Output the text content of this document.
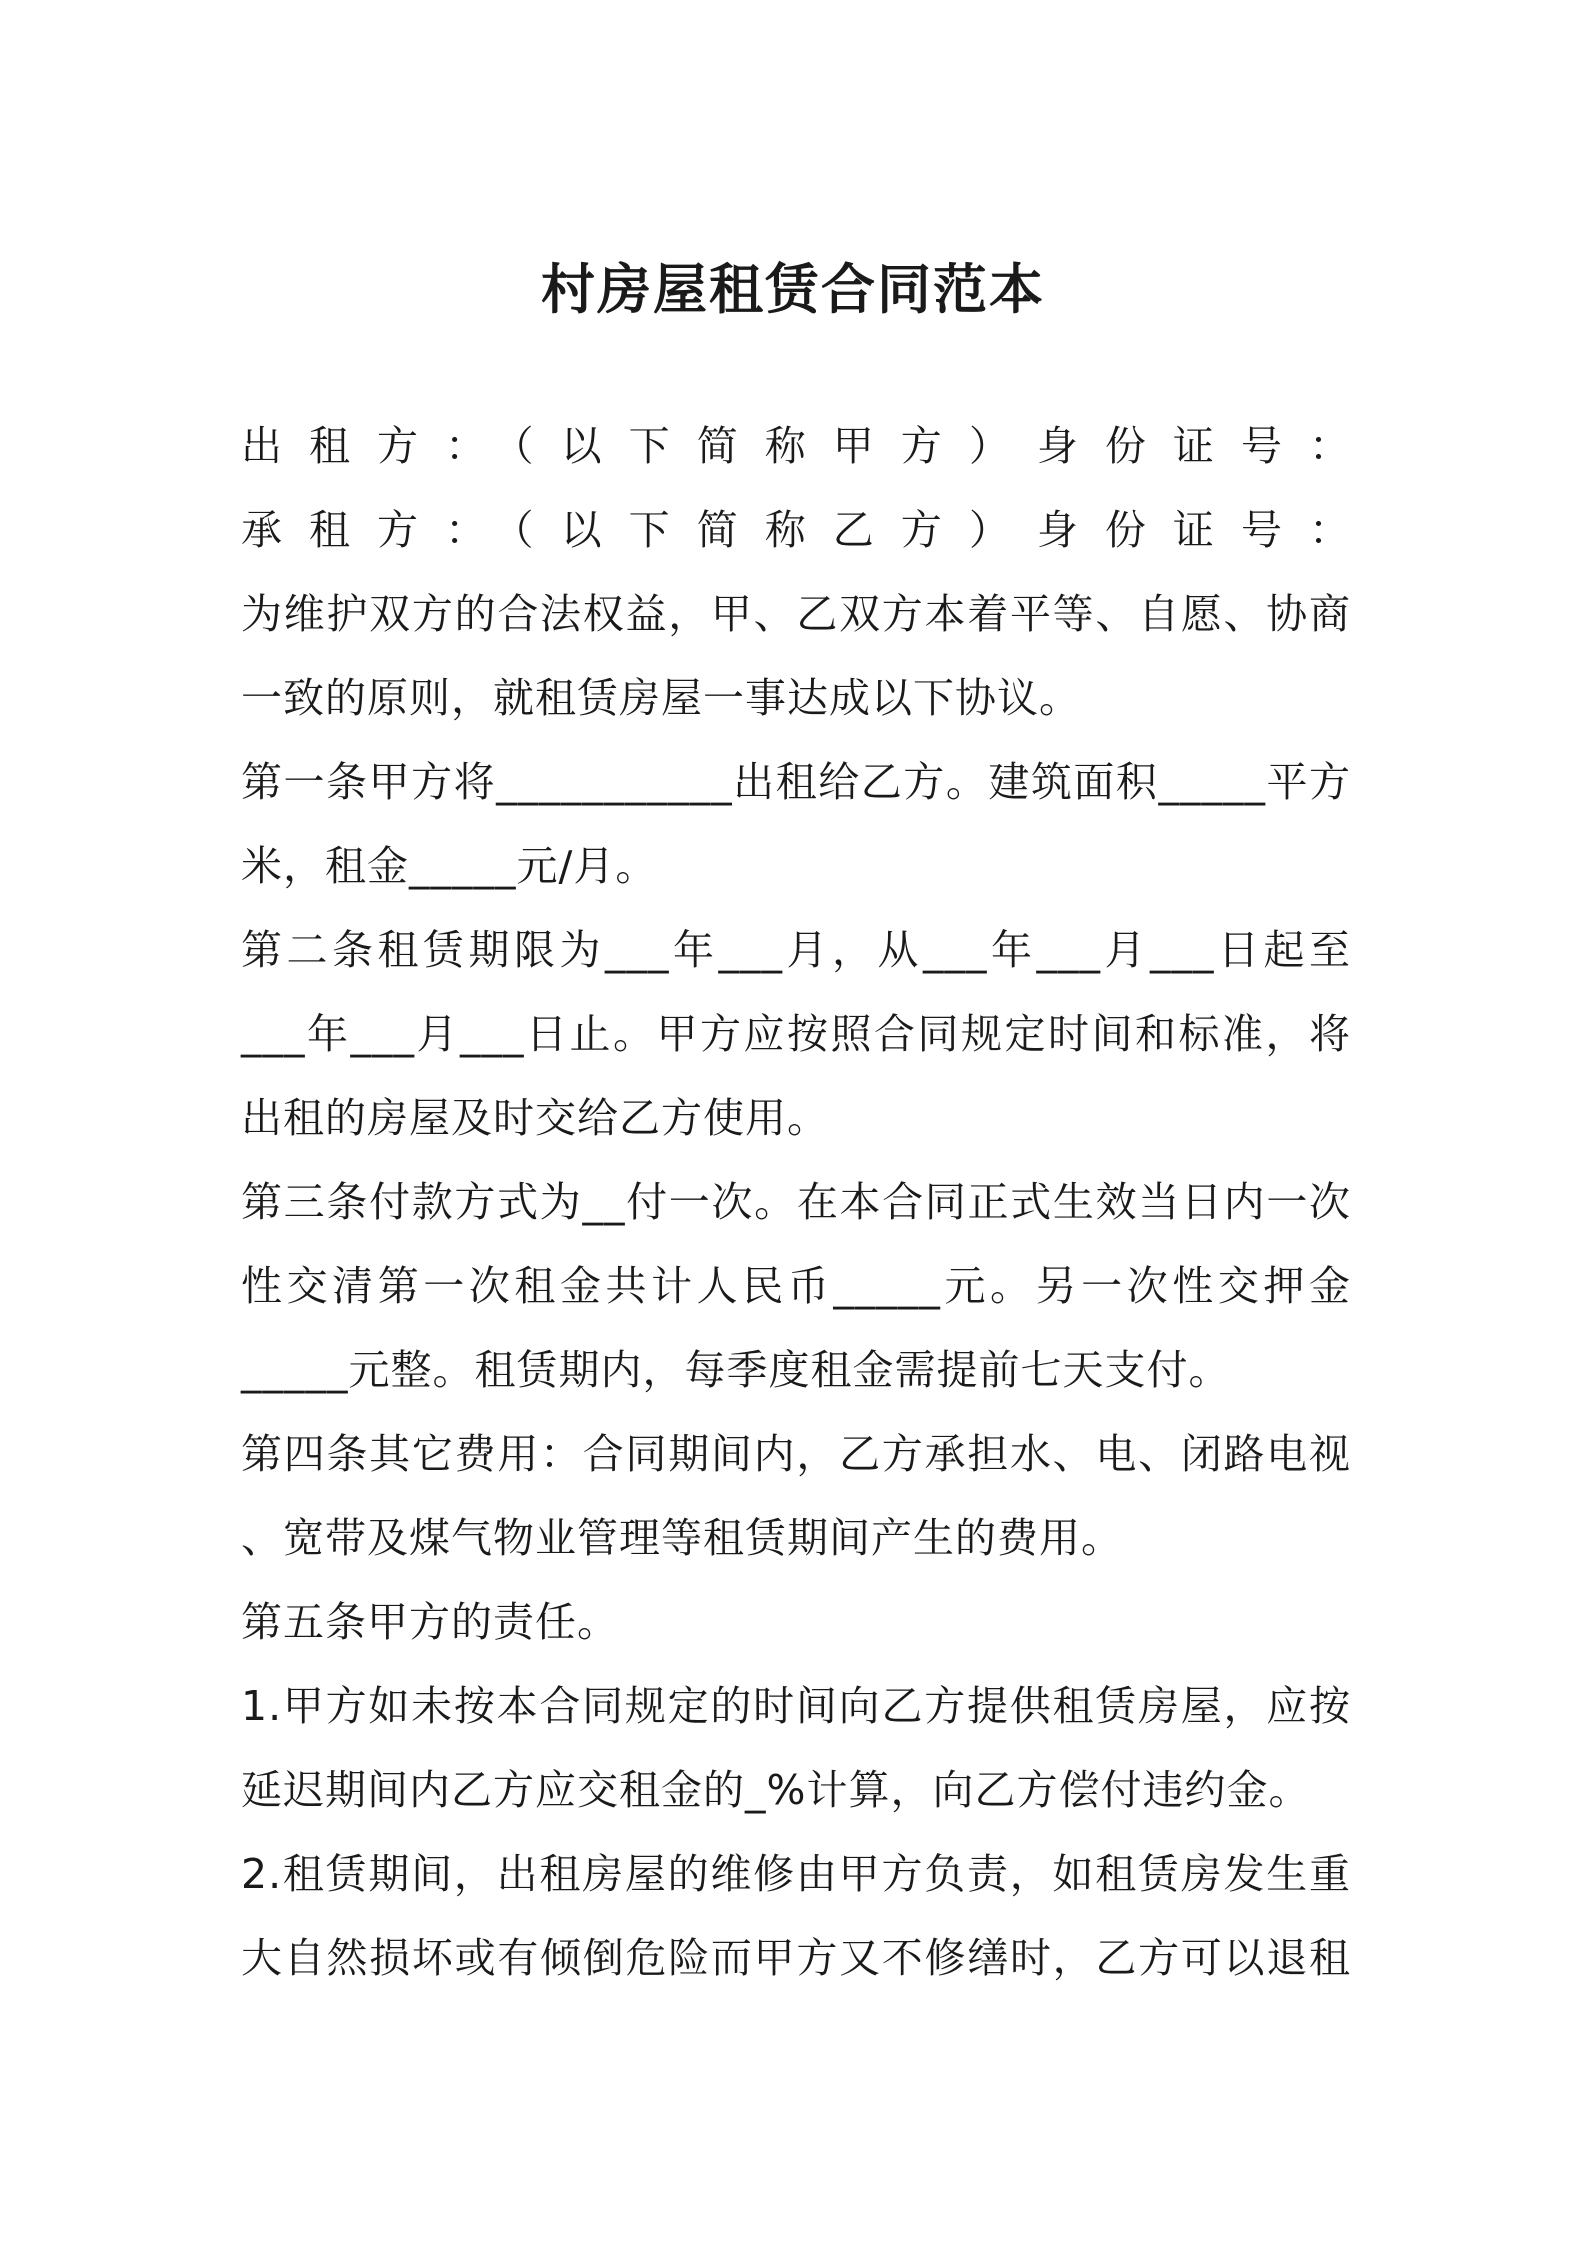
村房屋租赁合同范本
出租方：（以下简称甲方）身份证号：
承租方：（以下简称乙方）身份证号：
为维护双方的合法权益，甲、乙双方本着平等、自愿、协商
一致的原则，就租赁房屋一事达成以下协议。
第一条甲方将___________出租给乙方。建筑面积_____平方
米，租金_____元/月。
第二条租赁期限为___年___月，从___年___月___日起至
___年___月___日止。甲方应按照合同规定时间和标准，将
出租的房屋及时交给乙方使用。
第三条付款方式为__付一次。在本合同正式生效当日内一次
性交清第一次租金共计人民币_____元。另一次性交押金
_____元整。租赁期内，每季度租金需提前七天支付。
第四条其它费用：合同期间内，乙方承担水、电、闭路电视
、宽带及煤气物业管理等租赁期间产生的费用。
第五条甲方的责任。
1.甲方如未按本合同规定的时间向乙方提供租赁房屋，应按
延迟期间内乙方应交租金的_%计算，向乙方偿付违约金。
2.租赁期间，出租房屋的维修由甲方负责，如租赁房发生重
大自然损坏或有倾倒危险而甲方又不修缮时，乙方可以退租
